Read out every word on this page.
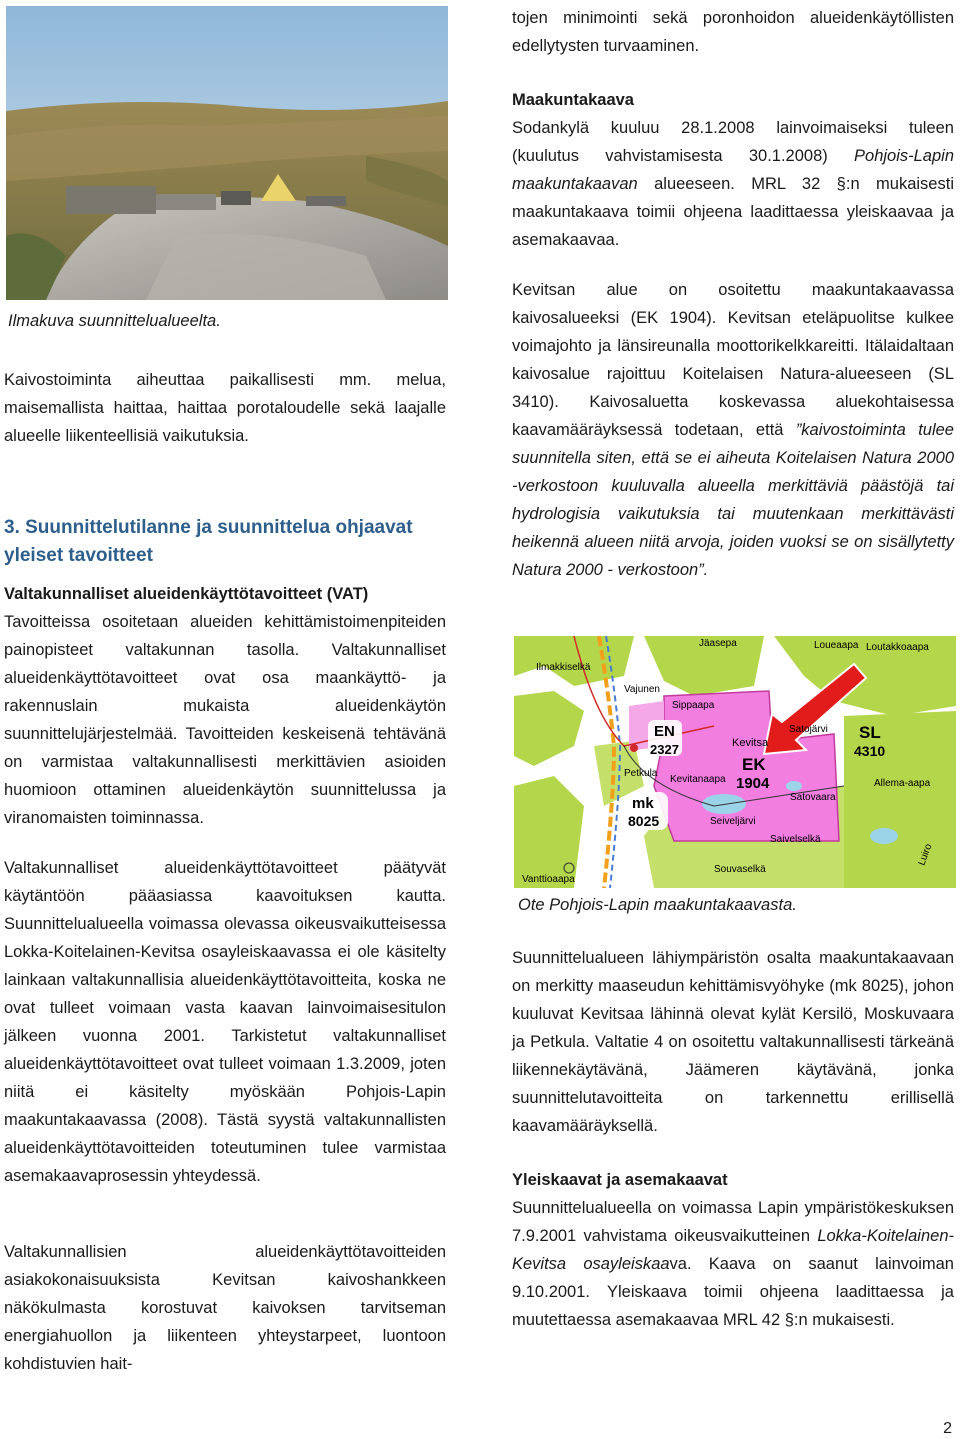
Ilmakuva suunnittelualueelta.

Kaivostoiminta aiheuttaa paikallisesti mm. melua, maisemallista haittaa, haittaa porotaloudelle sekä laajalle alueelle liikenteellisiä vaikutuksia.

3. Suunnittelutilanne ja suunnittelua ohjaavat yleiset tavoitteet

Valtakunnalliset alueidenkäyttötavoitteet (VAT)

Tavoitteissa osoitetaan alueiden kehittämistoimenpiteiden painopisteet valtakunnan tasolla. Valtakunnalliset alueidenkäyttötavoitteet ovat osa maankäyttö- ja rakennuslain mukaista alueidenkäytön suunnittelujärjestelmää. Tavoitteiden keskeisenä tehtävänä on varmistaa valtakunnallisesti merkittävien asioiden huomioon ottaminen alueidenkäytön suunnittelussa ja viranomaisten toiminnassa.

Valtakunnalliset alueidenkäyttötavoitteet päätyvät käytäntöön pääasiassa kaavoituksen kautta. Suunnittelualueella voimassa olevassa oikeusvaikutteisessa Lokka-Koitelainen-Kevitsa osayleiskaavassa ei ole käsitelty lainkaan valtakunnallisia alueidenkäyttötavoitteita, koska ne ovat tulleet voimaan vasta kaavan lainvoimaisesitulon jälkeen vuonna 2001. Tarkistetut valtakunnalliset alueidenkäyttötavoitteet ovat tulleet voimaan 1.3.2009, joten niitä ei käsitelty myöskään Pohjois-Lapin maakuntakaavassa (2008). Tästä syystä valtakunnallisten alueidenkäyttötavoitteiden toteutuminen tulee varmistaa asemakaavaprosessin yhteydessä.

Valtakunnallisien alueidenkäyttötavoitteiden asiakokonaisuuksista Kevitsan kaivoshankkeen näkökulmasta korostuvat kaivoksen tarvitseman energiahuollon ja liikenteen yhteystarpeet, luontoon kohdistuvien hait-

tojen minimointi sekä poronhoidon alueidenkäytöllisten edellytysten turvaaminen.

Maakuntakaava

Sodankylä kuuluu 28.1.2008 lainvoimaiseksi tuleen (kuulutus vahvistamisesta 30.1.2008) Pohjois-Lapin maakuntakaavan alueeseen. MRL 32 §:n mukaisesti maakuntakaava toimii ohjeena laadittaessa yleiskaavaa ja asemakaavaa.

Kevitsan alue on osoitettu maakuntakaavassa kaivosalueeksi (EK 1904). Kevitsan eteläpuolitse kulkee voimajohto ja länsireunalla moottorikelkkareitti. Itälaidaltaan kaivosalue rajoittuu Koitelaisen Natura-alueeseen (SL 3410). Kaivosaluetta koskevassa aluekohtaisessa kaavamääräyksessä todetaan, että ”kaivostoiminta tulee suunnitella siten, että se ei aiheuta Koitelaisen Natura 2000 -verkostoon kuuluvalla alueella merkittäviä päästöjä tai hydrologisia vaikutuksia tai muutenkaan merkittävästi heikennä alueen niitä arvoja, joiden vuoksi se on sisällytetty Natura 2000 - verkostoon”.

Jäasepa	Loueaapa Loutakkoaapa
Ilmakkiselkä
Vajunen
Sippaapa
EN
2327	Kevitsa
EK
1904
SL
4310
Satojärvi
Petkula
Kevitanaapa
mk
8025
Satovaara
Allema-aapa
Seiveljärvi
Saivelselkä
Souvaselkä
Vanttioaapa
Luiro
Ote Pohjois-Lapin maakuntakaavasta.

Suunnittelualueen lähiympäristön osalta maakuntakaavaan on merkitty maaseudun kehittämisvyöhyke (mk 8025), johon kuuluvat Kevitsaa lähinnä olevat kylät Kersilö, Moskuvaara ja Petkula. Valtatie 4 on osoitettu valtakunnallisesti tärkeänä liikennekäytävänä, Jäämeren käytävänä, jonka suunnittelutavoitteita on tarkennettu erillisellä kaavamääräyksellä.

Yleiskaavat ja asemakaavat

Suunnittelualueella on voimassa Lapin ympäristökeskuksen 7.9.2001 vahvistama oikeusvaikutteinen Lokka-Koitelainen-Kevitsa osayleiskaava. Kaava on saanut lainvoiman 9.10.2001. Yleiskaava toimii ohjeena laadittaessa ja muutettaessa asemakaavaa MRL 42 §:n mukaisesti.

2
